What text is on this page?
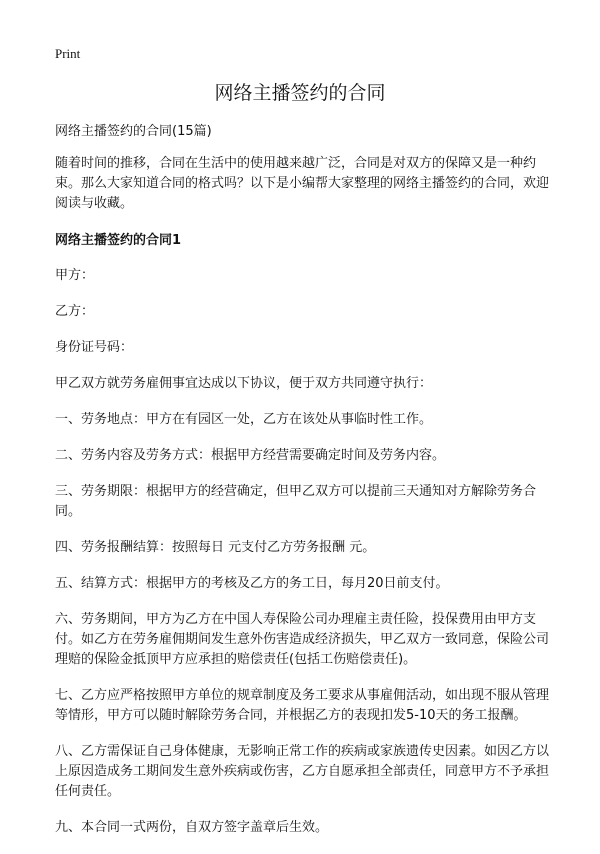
Print
网络主播签约的合同

网络主播签约的合同(15篇)

随着时间的推移，合同在生活中的使用越来越广泛，合同是对双方的保障又是一种约束。那么大家知道合同的格式吗？以下是小编帮大家整理的网络主播签约的合同，欢迎阅读与收藏。

网络主播签约的合同1

甲方：

乙方：

身份证号码：

甲乙双方就劳务雇佣事宜达成以下协议，便于双方共同遵守执行：

一、劳务地点：甲方在有园区一处，乙方在该处从事临时性工作。

二、劳务内容及劳务方式：根据甲方经营需要确定时间及劳务内容。

三、劳务期限：根据甲方的经营确定，但甲乙双方可以提前三天通知对方解除劳务合同。

四、劳务报酬结算：按照每日 元支付乙方劳务报酬 元。

五、结算方式：根据甲方的考核及乙方的务工日，每月20日前支付。

六、劳务期间，甲方为乙方在中国人寿保险公司办理雇主责任险，投保费用由甲方支付。如乙方在劳务雇佣期间发生意外伤害造成经济损失，甲乙双方一致同意，保险公司理赔的保险金抵顶甲方应承担的赔偿责任(包括工伤赔偿责任)。

七、乙方应严格按照甲方单位的规章制度及务工要求从事雇佣活动，如出现不服从管理等情形，甲方可以随时解除劳务合同，并根据乙方的表现扣发5-10天的务工报酬。

八、乙方需保证自己身体健康，无影响正常工作的疾病或家族遗传史因素。如因乙方以上原因造成务工期间发生意外疾病或伤害，乙方自愿承担全部责任，同意甲方不予承担任何责任。

九、本合同一式两份，自双方签字盖章后生效。
